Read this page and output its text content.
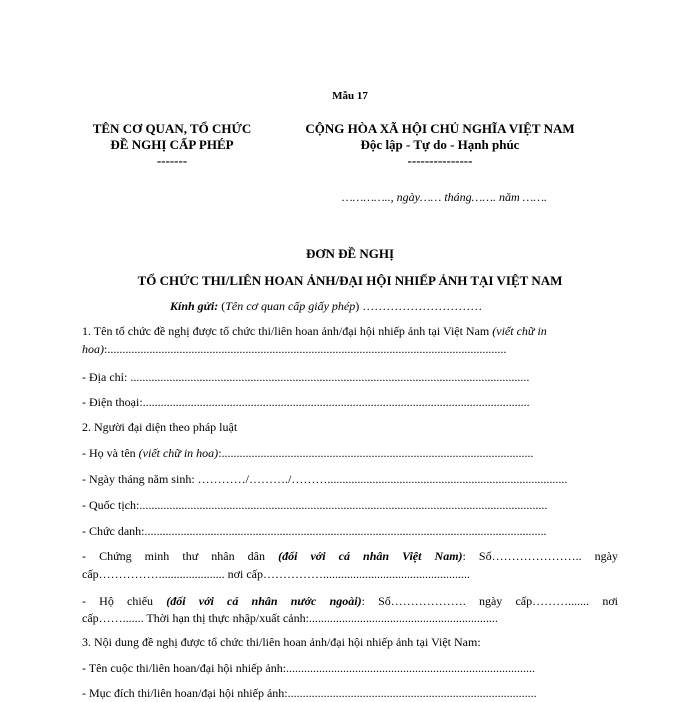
Mẫu 17
TÊN CƠ QUAN, TỔ CHỨC
ĐỀ NGHỊ CẤP PHÉP
-------
CỘNG HÒA XÃ HỘI CHỦ NGHĨA VIỆT NAM
Độc lập - Tự do - Hạnh phúc
---------------
………….., ngày…… tháng……. năm …….
ĐƠN ĐỀ NGHỊ
TỔ CHỨC THI/LIÊN HOAN ẢNH/ĐẠI HỘI NHIẾP ẢNH TẠI VIỆT NAM
Kính gửi: (Tên cơ quan cấp giấy phép) …………………………
1. Tên tổ chức đề nghị được tổ chức thi/liên hoan ảnh/đại hội nhiếp ảnh tại Việt Nam (viết chữ in hoa):.....................................................................................................................................
- Địa chỉ: .....................................................................................................................................
- Điện thoại:.................................................................................................................................
2. Người đại diện theo pháp luật
- Họ và tên (viết chữ in hoa):........................................................................................................
- Ngày tháng năm sinh: …………/………./………................................................................................
- Quốc tịch:........................................................................................................................................
- Chức danh:......................................................................................................................................
- Chứng minh thư nhân dân (đối với cá nhân Việt Nam): Số………………….. ngày
cấp……………...................... nơi cấp…………….................................................
- Hộ chiếu (đối với cá nhân nước ngoài): Số………………. ngày cấp………....... nơi
cấp……....... Thời hạn thị thực nhập/xuất cảnh:...............................................................
3. Nội dung đề nghị được tổ chức thi/liên hoan ảnh/đại hội nhiếp ảnh tại Việt Nam:
- Tên cuộc thi/liên hoan/đại hội nhiếp ảnh:...................................................................................
- Mục đích thi/liên hoan/đại hội nhiếp ảnh:...................................................................................
